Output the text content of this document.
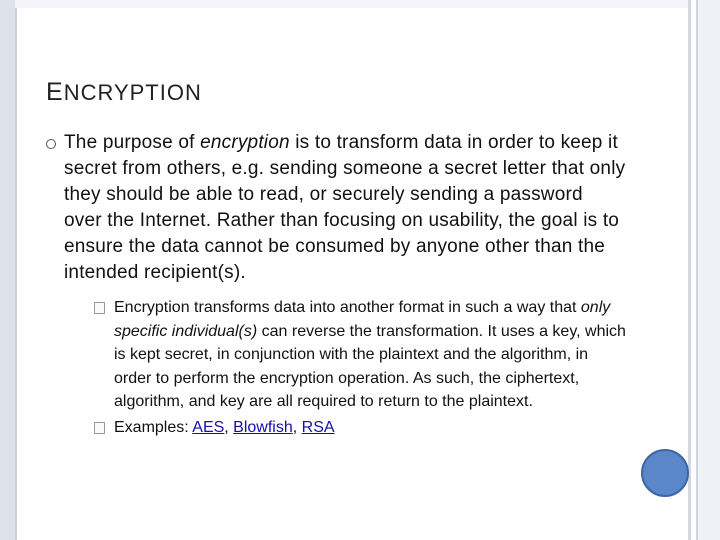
ENCRYPTION
The purpose of encryption is to transform data in order to keep it secret from others, e.g. sending someone a secret letter that only they should be able to read, or securely sending a password over the Internet. Rather than focusing on usability, the goal is to ensure the data cannot be consumed by anyone other than the intended recipient(s).
Encryption transforms data into another format in such a way that only specific individual(s) can reverse the transformation. It uses a key, which is kept secret, in conjunction with the plaintext and the algorithm, in order to perform the encryption operation. As such, the ciphertext, algorithm, and key are all required to return to the plaintext.
Examples: AES, Blowfish, RSA
